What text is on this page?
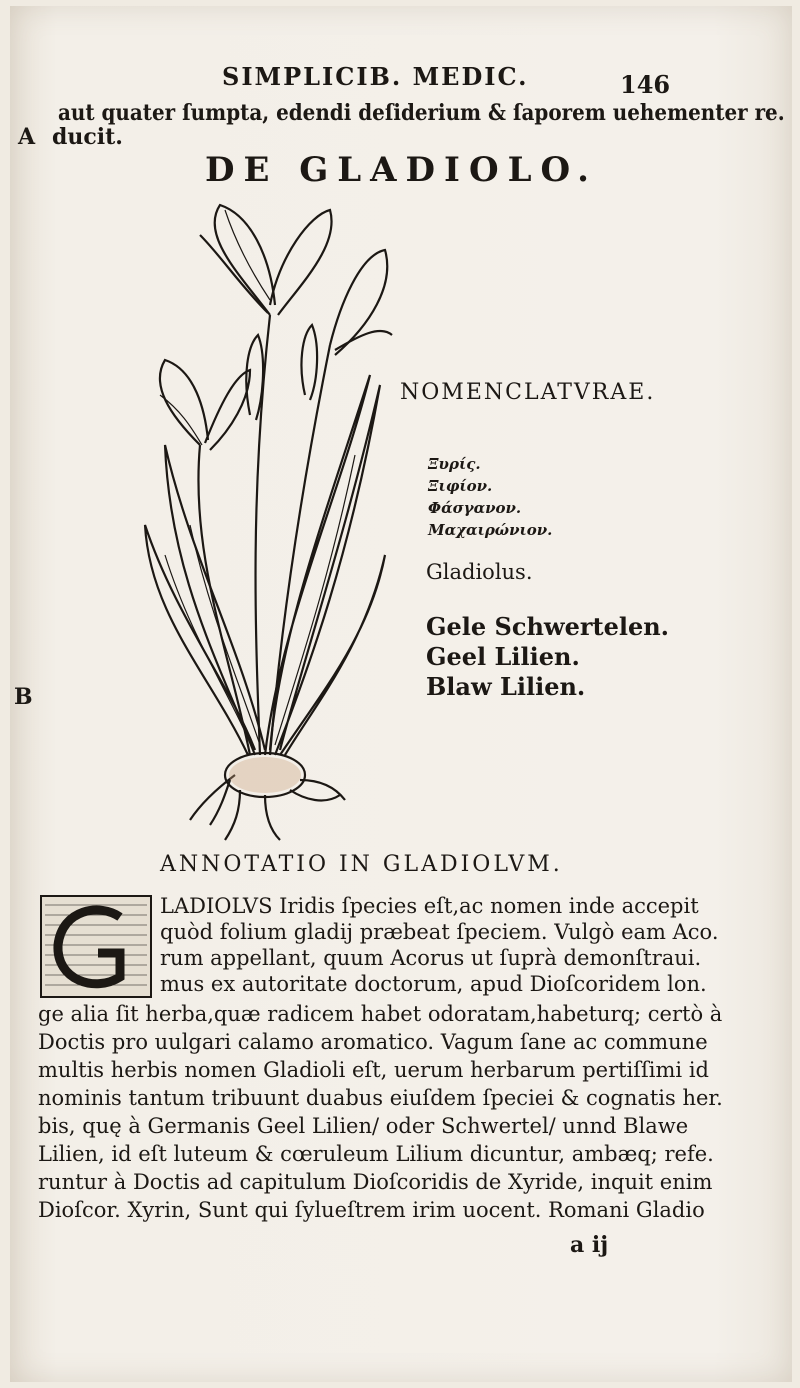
SIMPLICIB. MEDIC.	146
aut quater ſumpta, edendi deſiderium & ſaporem uehementer re.
A ducit.
DE GLADIOLO.
NOMENCLATVRAE.
Ξυρίς.
Ξιφίον.
Φάσγανον.
Μαχαιρώνιον.
Gladiolus.
Gele Schwertelen.
Geel Lilien.
Blaw Lilien.
B
ANNOTATIO IN GLADIOLVM.
LADIOLVS Iridis ſpecies eſt,ac nomen inde accepit
quòd folium gladij præbeat ſpeciem. Vulgò eam Aco.
rum appellant, quum Acorus ut ſuprà demonſtraui.
mus ex autoritate doctorum, apud Dioſcoridem lon.
ge alia ſit herba,quæ radicem habet odoratam,habeturq; certò à
Doctis pro uulgari calamo aromatico. Vagum ſane ac commune
multis herbis nomen Gladioli eſt, uerum herbarum pertiſſimi id
nominis tantum tribuunt duabus eiuſdem ſpeciei & cognatis her.
bis, quę à Germanis Geel Lilien/ oder Schwertel/ unnd Blawe
Lilien, id eſt luteum & cœruleum Lilium dicuntur, ambæq; refe.
runtur à Doctis ad capitulum Dioſcoridis de Xyride, inquit enim
Dioſcor. Xyrin, Sunt qui ſylueſtrem irim uocent. Romani Gladio
a ij
